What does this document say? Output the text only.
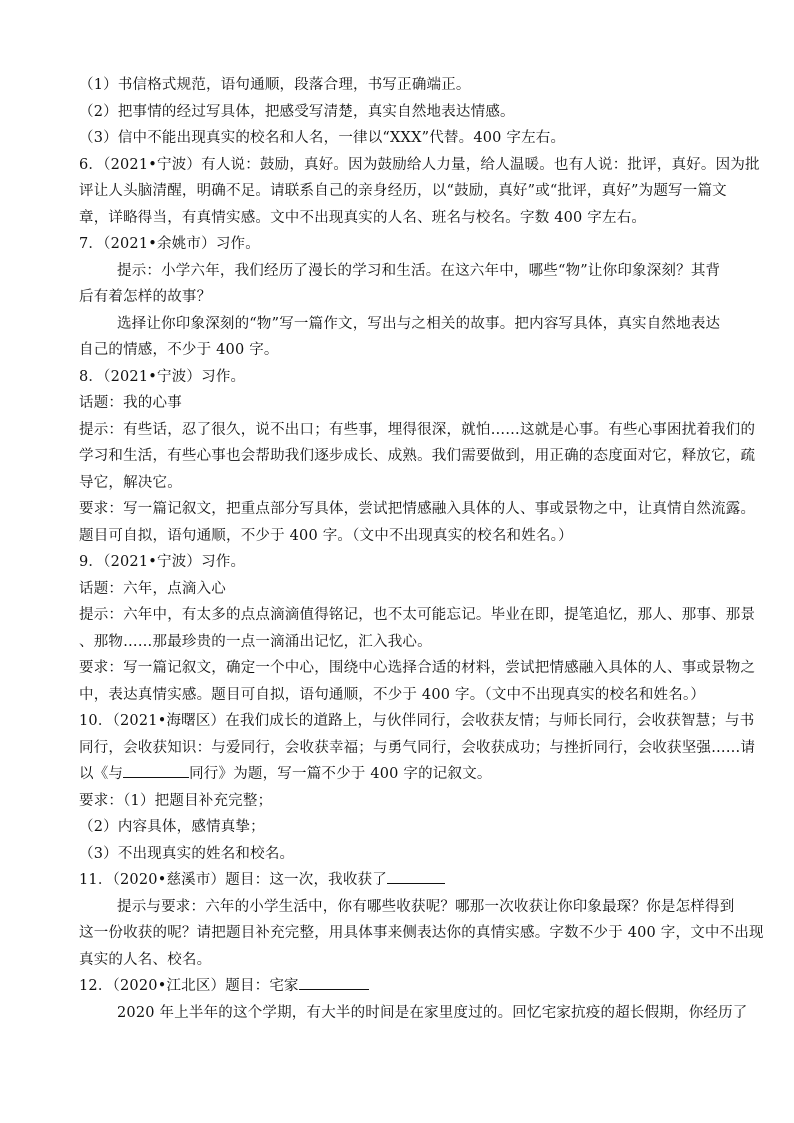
（1）书信格式规范，语句通顺，段落合理，书写正确端正。
（2）把事情的经过写具体，把感受写清楚，真实自然地表达情感。
（3）信中不能出现真实的校名和人名，一律以“XXX”代替。400 字左右。
6．（2021•宁波）有人说：鼓励，真好。因为鼓励给人力量，给人温暖。也有人说：批评，真好。因为批
评让人头脑清醒，明确不足。请联系自己的亲身经历，以“鼓励，真好”或“批评，真好”为题写一篇文
章，详略得当，有真情实感。文中不出现真实的人名、班名与校名。字数 400 字左右。
7．（2021•余姚市）习作。
提示：小学六年，我们经历了漫长的学习和生活。在这六年中，哪些“物”让你印象深刻？其背
后有着怎样的故事？
选择让你印象深刻的“物”写一篇作文，写出与之相关的故事。把内容写具体，真实自然地表达
自己的情感，不少于 400 字。
8．（2021•宁波）习作。
话题：我的心事
提示：有些话，忍了很久，说不出口；有些事，埋得很深，就怕……这就是心事。有些心事困扰着我们的
学习和生活，有些心事也会帮助我们逐步成长、成熟。我们需要做到，用正确的态度面对它，释放它，疏
导它，解决它。
要求：写一篇记叙文，把重点部分写具体，尝试把情感融入具体的人、事或景物之中，让真情自然流露。
题目可自拟，语句通顺，不少于 400 字。（文中不出现真实的校名和姓名。）
9．（2021•宁波）习作。
话题：六年，点滴入心
提示：六年中，有太多的点点滴滴值得铭记，也不太可能忘记。毕业在即，提笔追忆，那人、那事、那景
、那物……那最珍贵的一点一滴涌出记忆，汇入我心。
要求：写一篇记叙文，确定一个中心，围绕中心选择合适的材料，尝试把情感融入具体的人、事或景物之
中，表达真情实感。题目可自拟，语句通顺，不少于 400 字。（文中不出现真实的校名和姓名。）
10．（2021•海曙区）在我们成长的道路上，与伙伴同行，会收获友情；与师长同行，会收获智慧；与书
同行，会收获知识：与爱同行，会收获幸福；与勇气同行，会收获成功；与挫折同行，会收获坚强……请
以《与	同行》为题，写一篇不少于 400 字的记叙文。
要求：（1）把题目补充完整；
（2）内容具体，感情真挚；
（3）不出现真实的姓名和校名。
11．（2020•慈溪市）题目：这一次，我收获了
提示与要求：六年的小学生活中，你有哪些收获呢？哪那一次收获让你印象最琛？你是怎样得到
这一份收获的呢？请把题目补充完整，用具体事来侧表达你的真情实感。字数不少于 400 字，文中不出现
真实的人名、校名。
12．（2020•江北区）题目：宅家
2020 年上半年的这个学期，有大半的时间是在家里度过的。回忆宅家抗疫的超长假期，你经历了
